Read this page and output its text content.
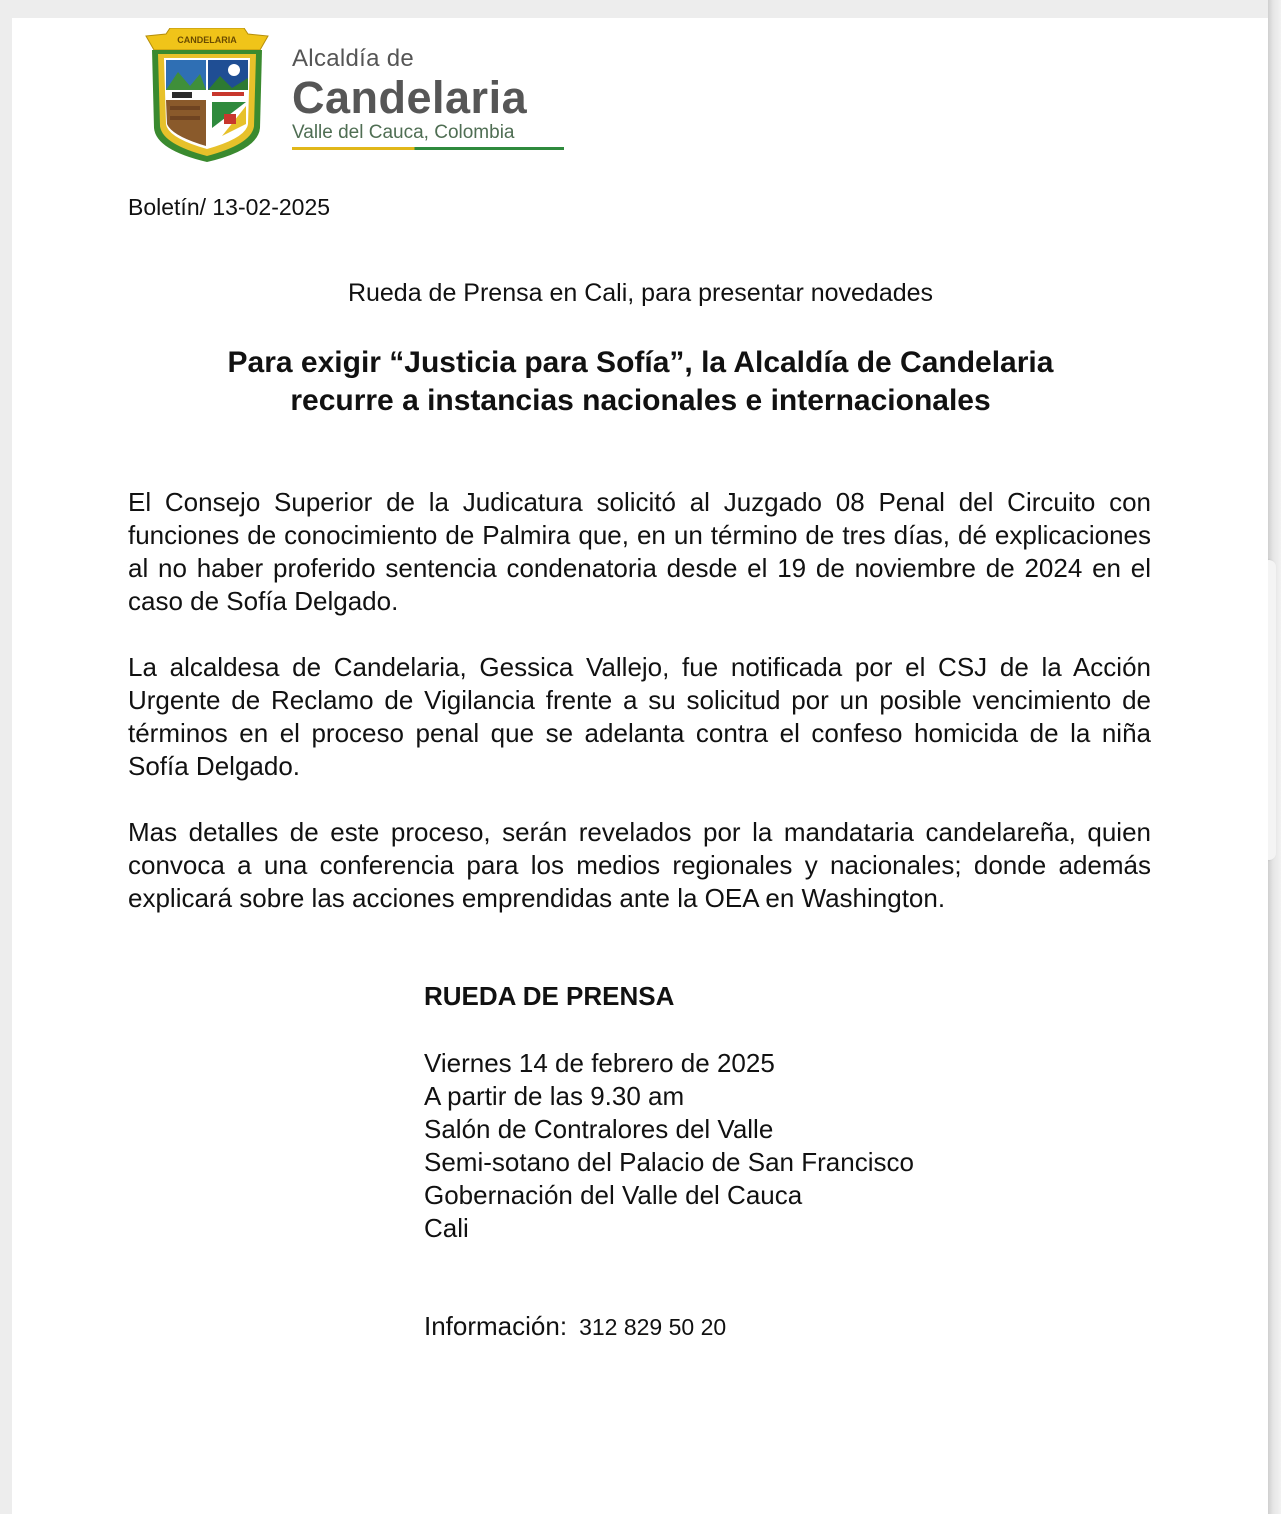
CANDELARIA
Alcaldía de
Candelaria
Valle del Cauca, Colombia
Boletín/ 13-02-2025
Rueda de Prensa en Cali, para presentar novedades
Para exigir “Justicia para Sofía”, la Alcaldía de Candelaria
recurre a instancias nacionales e internacionales
El Consejo Superior de la Judicatura solicitó al Juzgado 08 Penal del Circuito con funciones de conocimiento de Palmira que, en un término de tres días, dé explicaciones al no haber proferido sentencia condenatoria desde el 19 de noviembre de 2024 en el caso de Sofía Delgado.
La alcaldesa de Candelaria, Gessica Vallejo, fue notificada por el CSJ de la Acción Urgente de Reclamo de Vigilancia frente a su solicitud por un posible vencimiento de términos en el proceso penal que se adelanta contra el confeso homicida de la niña Sofía Delgado.
Mas detalles de este proceso, serán revelados por la mandataria candelareña, quien convoca a una conferencia para los medios regionales y nacionales; donde además explicará sobre las acciones emprendidas ante la OEA en Washington.
RUEDA DE PRENSA
Viernes 14 de febrero de 2025
A partir de las 9.30 am
Salón de Contralores del Valle
Semi-sotano del Palacio de San Francisco
Gobernación del Valle del Cauca
Cali
Información: 312 829 50 20
